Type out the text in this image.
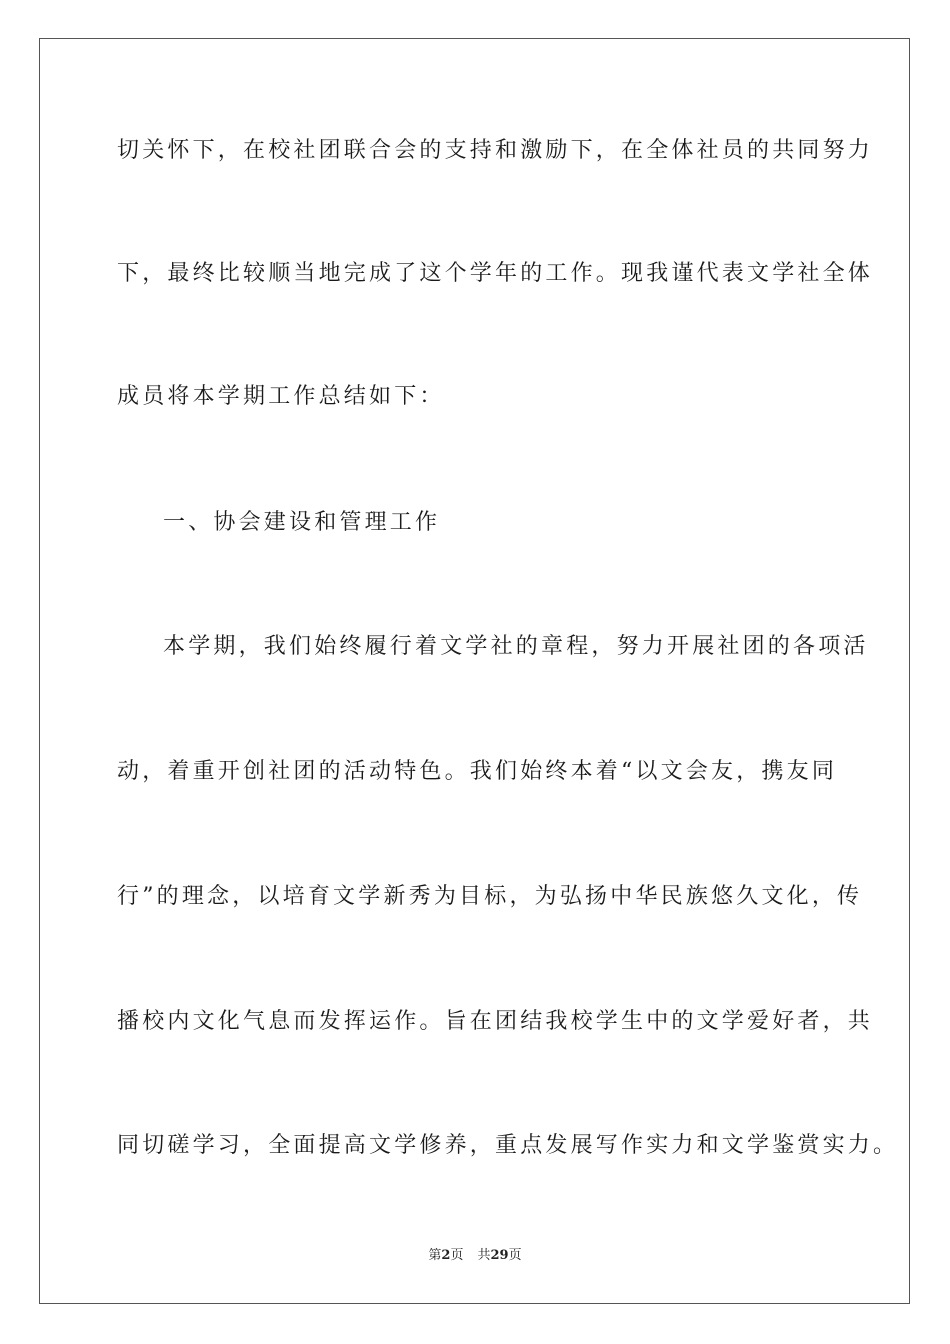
切关怀下，在校社团联合会的支持和激励下，在全体社员的共同努力
下，最终比较顺当地完成了这个学年的工作。现我谨代表文学社全体
成员将本学期工作总结如下：
一、协会建设和管理工作
本学期，我们始终履行着文学社的章程，努力开展社团的各项活
动，着重开创社团的活动特色。我们始终本着“以文会友，携友同
行”的理念，以培育文学新秀为目标，为弘扬中华民族悠久文化，传
播校内文化气息而发挥运作。旨在团结我校学生中的文学爱好者，共
同切磋学习，全面提高文学修养，重点发展写作实力和文学鉴赏实力。
第2页 共29页
